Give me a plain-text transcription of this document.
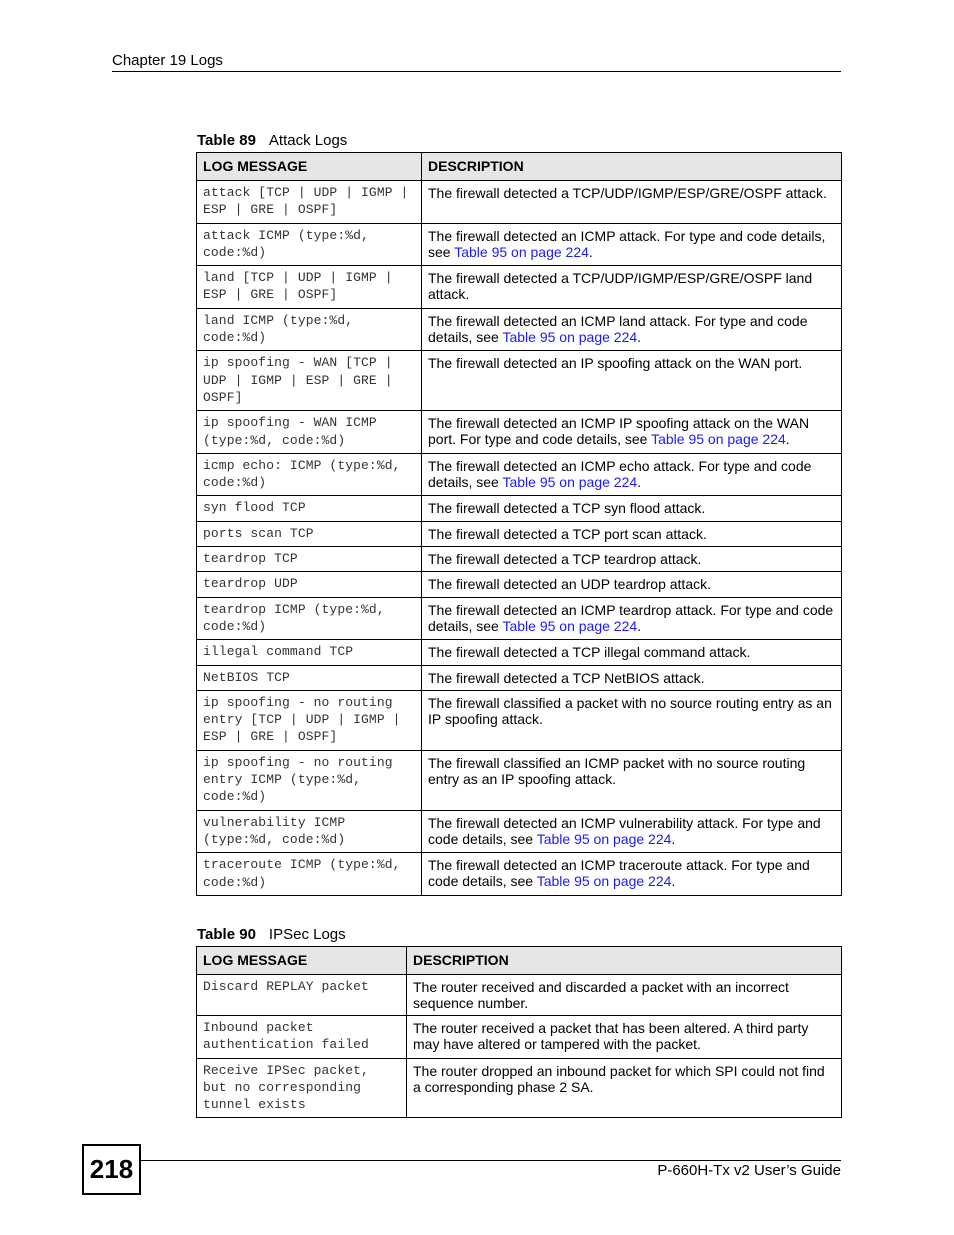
Chapter 19 Logs
Table 89 Attack Logs
LOG MESSAGE	DESCRIPTION
attack [TCP | UDP | IGMP | ESP | GRE | OSPF]	The firewall detected a TCP/UDP/IGMP/ESP/GRE/OSPF attack.
attack ICMP (type:%d, code:%d)	The firewall detected an ICMP attack. For type and code details, see Table 95 on page 224.
land [TCP | UDP | IGMP | ESP | GRE | OSPF]	The firewall detected a TCP/UDP/IGMP/ESP/GRE/OSPF land attack.
land ICMP (type:%d, code:%d)	The firewall detected an ICMP land attack. For type and code details, see Table 95 on page 224.
ip spoofing - WAN [TCP | UDP | IGMP | ESP | GRE | OSPF]	The firewall detected an IP spoofing attack on the WAN port.
ip spoofing - WAN ICMP (type:%d, code:%d)	The firewall detected an ICMP IP spoofing attack on the WAN port. For type and code details, see Table 95 on page 224.
icmp echo: ICMP (type:%d, code:%d)	The firewall detected an ICMP echo attack. For type and code details, see Table 95 on page 224.
syn flood TCP	The firewall detected a TCP syn flood attack.
ports scan TCP	The firewall detected a TCP port scan attack.
teardrop TCP	The firewall detected a TCP teardrop attack.
teardrop UDP	The firewall detected an UDP teardrop attack.
teardrop ICMP (type:%d, code:%d)	The firewall detected an ICMP teardrop attack. For type and code details, see Table 95 on page 224.
illegal command TCP	The firewall detected a TCP illegal command attack.
NetBIOS TCP	The firewall detected a TCP NetBIOS attack.
ip spoofing - no routing entry [TCP | UDP | IGMP | ESP | GRE | OSPF]	The firewall classified a packet with no source routing entry as an IP spoofing attack.
ip spoofing - no routing entry ICMP (type:%d, code:%d)	The firewall classified an ICMP packet with no source routing entry as an IP spoofing attack.
vulnerability ICMP (type:%d, code:%d)	The firewall detected an ICMP vulnerability attack. For type and code details, see Table 95 on page 224.
traceroute ICMP (type:%d, code:%d)	The firewall detected an ICMP traceroute attack. For type and code details, see Table 95 on page 224.
Table 90 IPSec Logs
LOG MESSAGE	DESCRIPTION
Discard REPLAY packet	The router received and discarded a packet with an incorrect sequence number.
Inbound packet authentication failed	The router received a packet that has been altered. A third party may have altered or tampered with the packet.
Receive IPSec packet, but no corresponding tunnel exists	The router dropped an inbound packet for which SPI could not find a corresponding phase 2 SA.
218	P-660H-Tx v2 User’s Guide
